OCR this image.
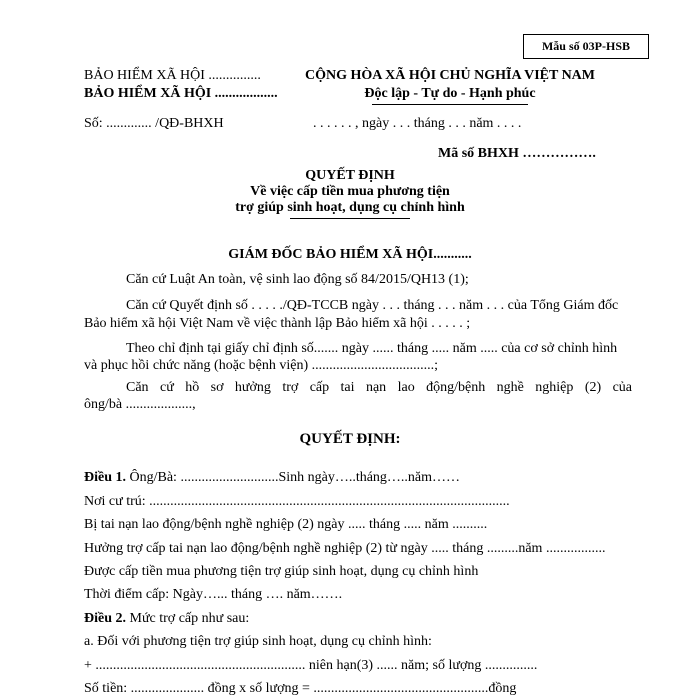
Mẫu số 03P-HSB
BẢO HIỂM XÃ HỘI ...............
BẢO HIỂM XÃ HỘI ..................
Số: ............. /QĐ-BHXH
CỘNG HÒA XÃ HỘI CHỦ NGHĨA VIỆT NAM
Độc lập - Tự do - Hạnh phúc
. . . . . . , ngày . . . tháng . . . năm . . . .
Mã số BHXH …………….
QUYẾT ĐỊNH
Về việc cấp tiền mua phương tiện
trợ giúp sinh hoạt, dụng cụ chỉnh hình
GIÁM ĐỐC BẢO HIỂM XÃ HỘI...........
Căn cứ Luật An toàn, vệ sinh lao động số 84/2015/QH13 (1);
Căn cứ Quyết định số . . . . ./QĐ-TCCB ngày . . . tháng . . . năm . . . của Tổng Giám đốc
Bảo hiểm xã hội Việt Nam về việc thành lập Bảo hiểm xã hội . . . . . ;
Theo chỉ định tại giấy chỉ định số....... ngày ...... tháng ..... năm ..... của cơ sở chỉnh hình
và phục hồi chức năng (hoặc bệnh viện) ...................................;
Căn cứ hồ sơ hưởng trợ cấp tai nạn lao động/bệnh nghề nghiệp (2) của
ông/bà ...................,
QUYẾT ĐỊNH:
Điều 1. Ông/Bà: ............................Sinh ngày…..tháng…..năm……
Nơi cư trú: .......................................................................................................
Bị tai nạn lao động/bệnh nghề nghiệp (2) ngày ..... tháng ..... năm ..........
Hưởng trợ cấp tai nạn lao động/bệnh nghề nghiệp (2) từ ngày ..... tháng .........năm .................
Được cấp tiền mua phương tiện trợ giúp sinh hoạt, dụng cụ chỉnh hình
Thời điểm cấp: Ngày…... tháng …. năm…….
Điều 2. Mức trợ cấp như sau:
a. Đối với phương tiện trợ giúp sinh hoạt, dụng cụ chỉnh hình:
+ ............................................................ niên hạn(3) ...... năm; số lượng ...............
Số tiền: ..................... đồng x số lượng = ..................................................đồng
